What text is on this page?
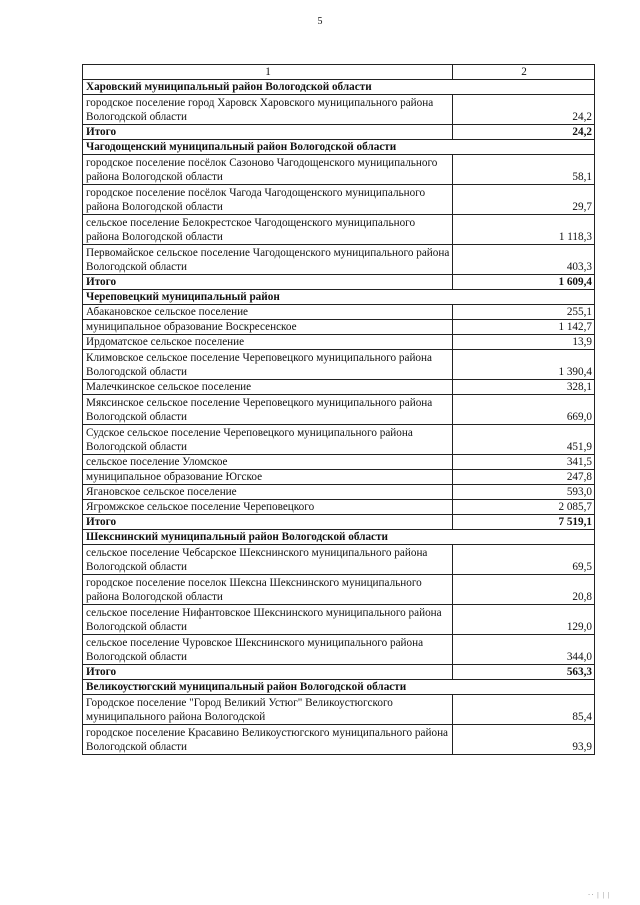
5
1	2
Харовский муниципальный район Вологодской области	
городское поселение город Харовск Харовского муниципального района Вологодской области	24,2
Итого	24,2
Чагодощенский муниципальный район Вологодской области	
городское поселение посёлок Сазоново Чагодощенского муниципального района Вологодской области	58,1
городское поселение посёлок Чагода Чагодощенского муниципального района Вологодской области	29,7
сельское поселение Белокрестское Чагодощенского муниципального района Вологодской области	1 118,3
Первомайское сельское поселение Чагодощенского муниципального района Вологодской области	403,3
Итого	1 609,4
Череповецкий муниципальный район	
Абакановское сельское поселение	255,1
муниципальное образование Воскресенское	1 142,7
Ирдоматское сельское поселение	13,9
Климовское сельское поселение Череповецкого муниципального района Вологодской области	1 390,4
Малечкинское сельское поселение	328,1
Мяксинское сельское поселение Череповецкого муниципального района Вологодской области	669,0
Судское сельское поселение Череповецкого муниципального района Вологодской области	451,9
сельское поселение Уломское	341,5
муниципальное образование Югское	247,8
Ягановское сельское поселение	593,0
Ягромжское сельское поселение Череповецкого	2 085,7
Итого	7 519,1
Шекснинский муниципальный район Вологодской области	
сельское поселение Чебсарское Шекснинского муниципального района Вологодской области	69,5
городское поселение поселок Шексна Шекснинского муниципального района Вологодской области	20,8
сельское поселение Нифантовское Шекснинского муниципального района Вологодской области	129,0
сельское поселение Чуровское Шекснинского муниципального района Вологодской области	344,0
Итого	563,3
Великоустюгский муниципальный район Вологодской области	
Городское поселение "Город Великий Устюг" Великоустюгского муниципального района Вологодской	85,4
городское поселение Красавино Великоустюгского муниципального района Вологодской области	93,9
·· | | |
